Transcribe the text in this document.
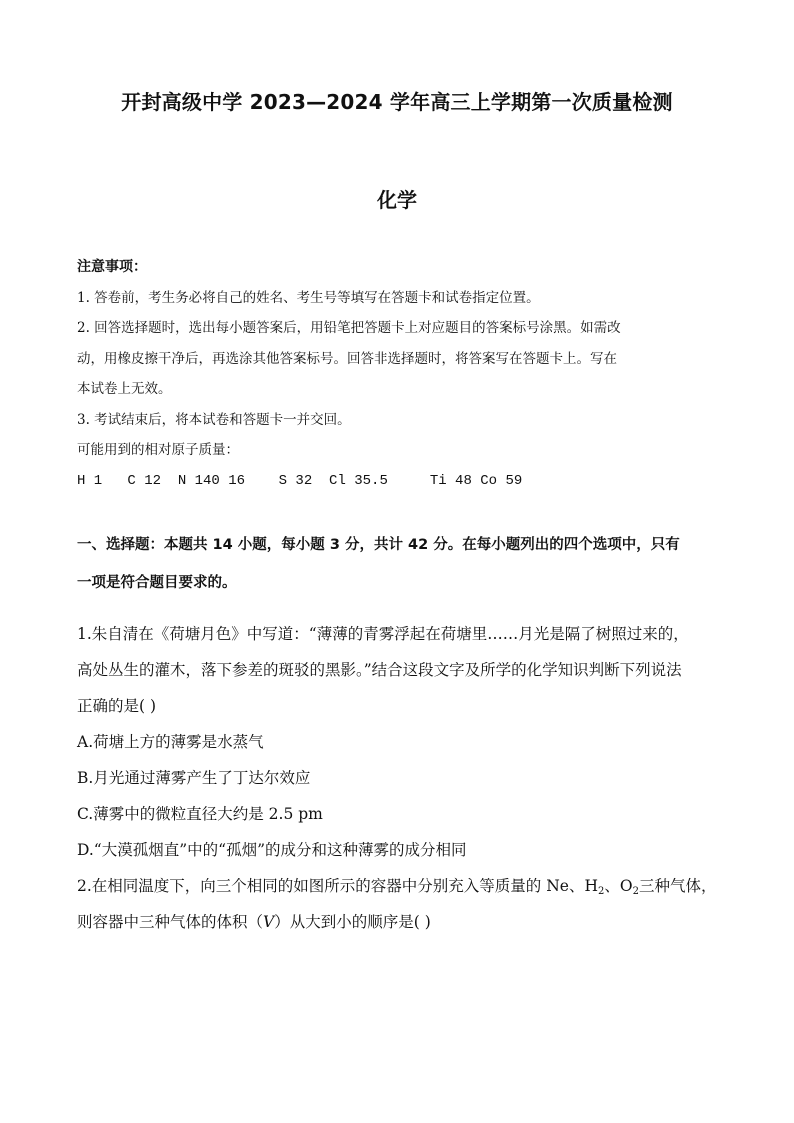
开封高级中学 2023—2024 学年高三上学期第一次质量检测
化学
注意事项：
1. 答卷前，考生务必将自己的姓名、考生号等填写在答题卡和试卷指定位置。
2. 回答选择题时，选出每小题答案后，用铅笔把答题卡上对应题目的答案标号涂黑。如需改
动，用橡皮擦干净后，再选涂其他答案标号。回答非选择题时，将答案写在答题卡上。写在
本试卷上无效。
3. 考试结束后，将本试卷和答题卡一并交回。
可能用到的相对原子质量：
H 1   C 12  N 140 16    S 32  Cl 35.5     Ti 48 Co 59
一、选择题：本题共 14 小题，每小题 3 分，共计 42 分。在每小题列出的四个选项中，只有
一项是符合题目要求的。
1.朱自清在《荷塘月色》中写道：“薄薄的青雾浮起在荷塘里……月光是隔了树照过来的，
高处丛生的灌木，落下参差的斑驳的黑影。”结合这段文字及所学的化学知识判断下列说法
正确的是( )
A.荷塘上方的薄雾是水蒸气
B.月光通过薄雾产生了丁达尔效应
C.薄雾中的微粒直径大约是 2.5 pm
D.“大漠孤烟直”中的“孤烟”的成分和这种薄雾的成分相同
2.在相同温度下，向三个相同的如图所示的容器中分别充入等质量的 Ne、$H_2$、$O_2$三种气体，
则容器中三种气体的体积（V）从大到小的顺序是( )
